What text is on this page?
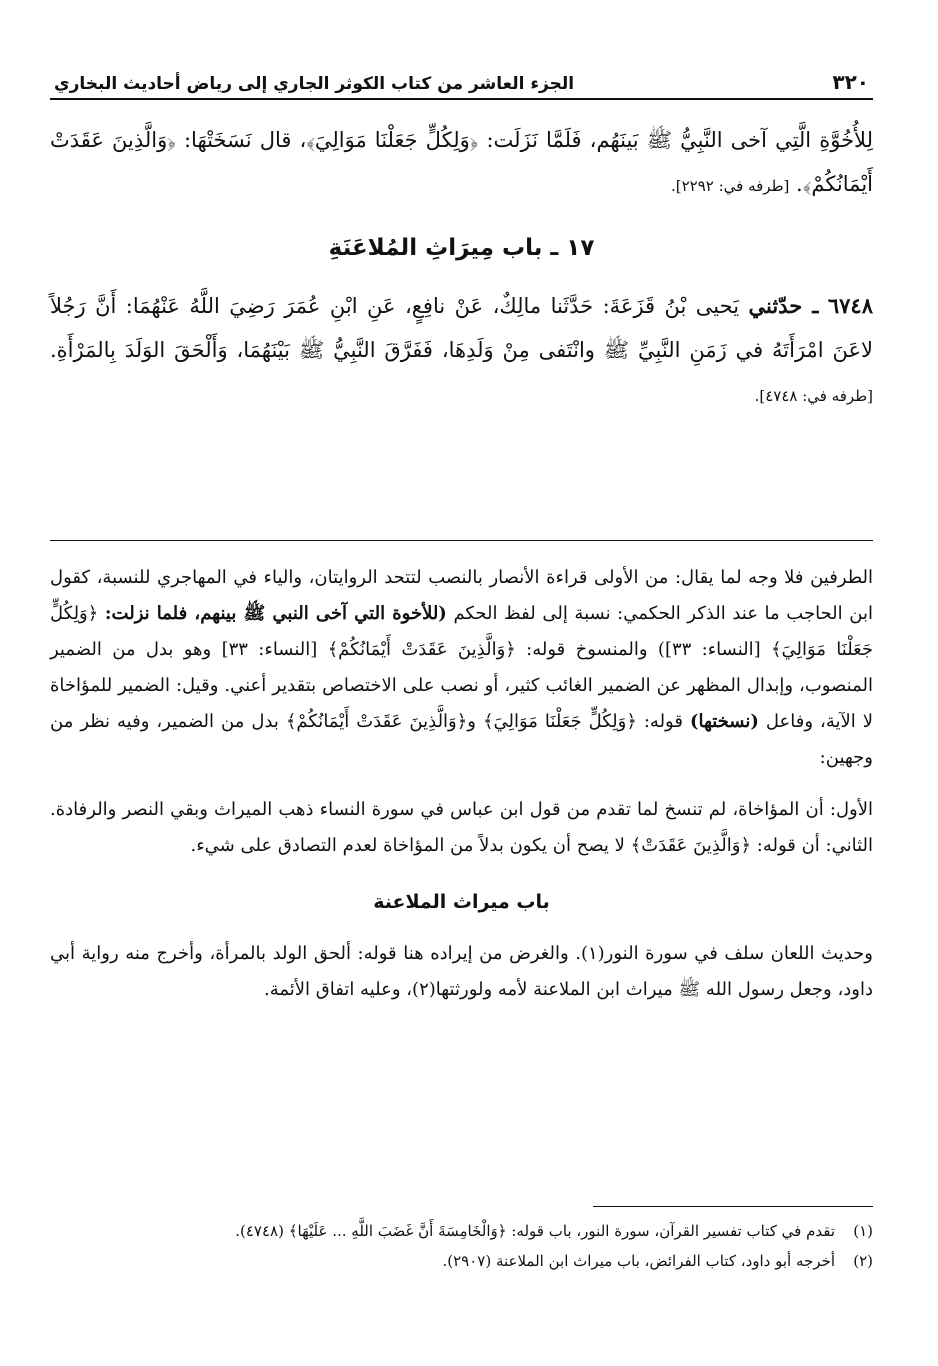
٣٢٠
الجزء العاشر من كتاب الكوثر الجاري إلى رياض أحاديث البخاري

لِلأُخُوَّةِ الَّتِي آخى النَّبِيُّ ﷺ بَينَهُم، فَلَمَّا نَزَلَت: ﴿وَلِكُلٍّ جَعَلْنَا مَوَالِيَ﴾، قال نَسَخَتْهَا: ﴿وَالَّذِينَ عَقَدَتْ أَيْمَانُكُمْ﴾. [طرفه في: ٢٢٩٢].

١٧ ـ باب مِيرَاثِ المُلاعَنَةِ

٦٧٤٨ ـ حدّثني يَحيى بْنُ قَزَعَةَ: حَدَّثَنا مالِكٌ، عَنْ نافِعٍ، عَنِ ابْنِ عُمَرَ رَضِيَ اللَّهُ عَنْهُمَا: أَنَّ رَجُلاً لاعَنَ امْرَأَتَهُ في زَمَنِ النَّبِيِّ ﷺ وانْتَفى مِنْ وَلَدِهَا، فَفَرَّقَ النَّبِيُّ ﷺ بَيْنَهُمَا، وَأَلْحَقَ الوَلَدَ بِالمَرْأَةِ. [طرفه في: ٤٧٤٨].

الطرفين فلا وجه لما يقال: من الأولى قراءة الأنصار بالنصب لتتحد الروايتان، والياء في المهاجري للنسبة، كقول ابن الحاجب ما عند الذكر الحكمي: نسبة إلى لفظ الحكم (للأخوة التي آخى النبي ﷺ بينهم، فلما نزلت: ﴿وَلِكُلٍّ جَعَلْنَا مَوَالِيَ﴾ [النساء: ٣٣]) والمنسوخ قوله: ﴿وَالَّذِينَ عَقَدَتْ أَيْمَانُكُمْ﴾ [النساء: ٣٣] وهو بدل من الضمير المنصوب، وإبدال المظهر عن الضمير الغائب كثير، أو نصب على الاختصاص بتقدير أعني. وقيل: الضمير للمؤاخاة لا الآية، وفاعل (نسختها) قوله: ﴿وَلِكُلٍّ جَعَلْنَا مَوَالِيَ﴾ و﴿وَالَّذِينَ عَقَدَتْ أَيْمَانُكُمْ﴾ بدل من الضمير، وفيه نظر من وجهين:

الأول: أن المؤاخاة، لم تنسخ لما تقدم من قول ابن عباس في سورة النساء ذهب الميراث وبقي النصر والرفادة. الثاني: أن قوله: ﴿وَالَّذِينَ عَقَدَتْ﴾ لا يصح أن يكون بدلاً من المؤاخاة لعدم التصادق على شيء.

باب ميراث الملاعنة

وحديث اللعان سلف في سورة النور(١). والغرض من إيراده هنا قوله: ألحق الولد بالمرأة، وأخرج منه رواية أبي داود، وجعل رسول الله ﷺ ميراث ابن الملاعنة لأمه ولورثتها(٢)، وعليه اتفاق الأئمة.

(١)
تقدم في كتاب تفسير القرآن، سورة النور، باب قوله: ﴿وَالْخَامِسَةَ أَنَّ غَضَبَ اللَّهِ ... عَلَيْهَا﴾ (٤٧٤٨).
(٢)
أخرجه أبو داود، كتاب الفرائض، باب ميراث ابن الملاعنة (٢٩٠٧).
